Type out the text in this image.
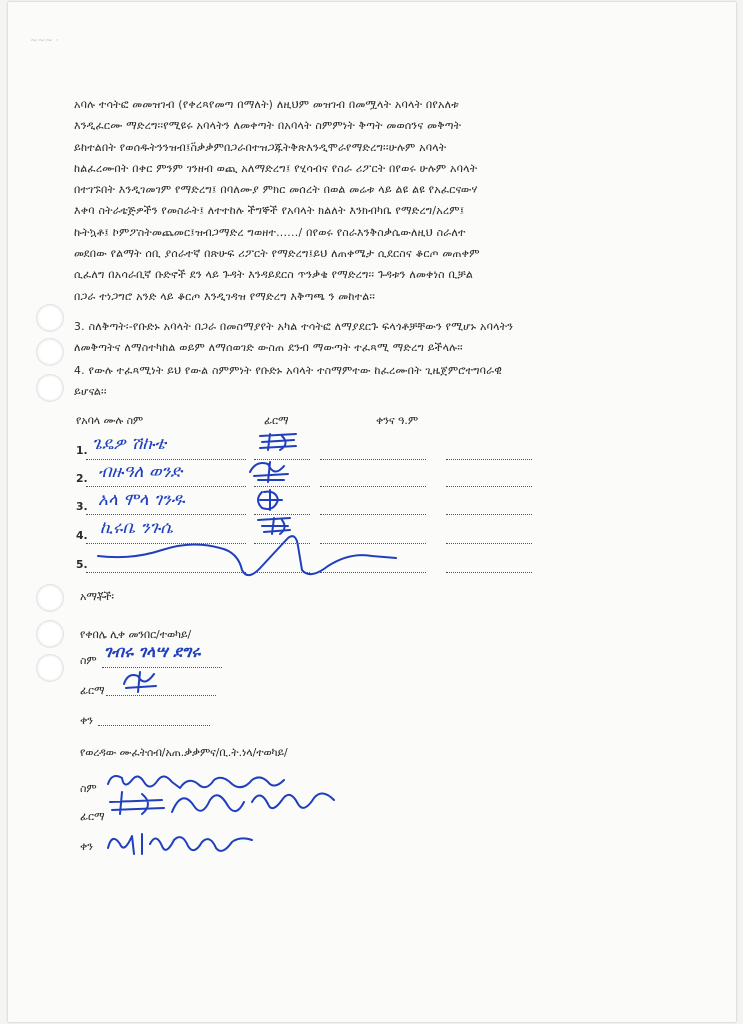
~~~ ·
አባሉ ተሳትፎ መመዝገብ (የቀረጻየመጣ በማለት) ለዚህም መዝገብ በመሟላት አባላት በየአለቱ
እንዲፈርሙ ማድረግ፡፡የሚዩሩ አባላትን ለመቀጣት በአባላት ስምምነት ቅጣት መወሰንና መቅጣት
ይከተልበት የወሰዱትንንዝብ፤ስ፟ቃቃምበጋራበተዝጋጁትቅጽእንዲሞራየማድረግ፡፡ሁሉም አባላት
ከልፈረሙበት በቀር ምንም ገንዘብ ወጪ አለማድረግ፤ የሂሳብና የስራ ሪፖርት በየወሩ ሁሉም አባላት
በተገኙበት እንዲገመገም የማድረግ፤ በባለሙያ ምክር መሰረት በወል መሬቱ ላይ ልዩ ልዩ የአፈርናውሃ
እቀባ ስትራቴጅዎችን የመስራት፤ ለተተከሉ ችግኞች የአባላት ክልለት እንክብካቤ የማድረግ/አረም፤
ኩትኳቶ፤ ኮምፖስትመጨመር፤ዝብጋማድረ ግወዘተ....../ በየወሩ የስራእንቅስቃሴውለዚህ ስራለተ
መደበው የልማት ሰቢ ያሰራተኛ በጽሁፍ ሪፖርት የማድረግ፤ይህ ለጠቀሜታ ሲደርስና ቆርጦ መጠቀም
ሲፈለግ በአሳራቢኛ ቡድኖች ደን ላይ ጉዳት እንዳይደርስ ጥንቃቄ የማድረግ፡፡ ጉዳቱን ለመቀነስ ቢቻል
በጋራ ተነጋግሮ አንድ ላይ ቆርጦ እንዲገዳዝ የማድረግ እቅጣጫ ን መከተል፡፡
3. ስለቅጣት፡-የቡድኑ አባላት በጋራ በመስማያየት አካል ተሳትፎ ለማያደርጉ ፍላጎቶቻቸውን የሚሆኑ አባላትን
ለመቅጣትና ለማስተካከል ወይም ለማሰወገድ ውስጠ ደንብ ማውጣት ተፈጻሚ ማድረግ ይችላሉ፡፡
4. የውሉ ተፈጻሚነት ይህ የውል ስምምነት የቡድኑ አባላት ተስማምተው ከፈረሙበት ጊዜጀምሮተግባራዊ
ይሆናል፡፡
የአባላ ሙሉ ስም	ፊርማ	ቀንና ዓ.ም
1. ጌዴዎ ሽኩቴ
2. ብዙዓለ ወንድ
3. አላ ሞላ ገንዱ
4. ኪሩቤ ንጉሴ
5.
አማቾች፡
የቀበሌ ሊቀ መንበር/ተወካይ/
ስም ገብሩ ገላሣ ደግሩ
ፊርማ
ቀን
የወረዳው ሙፈትሰብ/አጠ.ቃቃምና/ቢ.ት.ነላ/ተወካይ/
ስም
ፊርማ
ቀን
